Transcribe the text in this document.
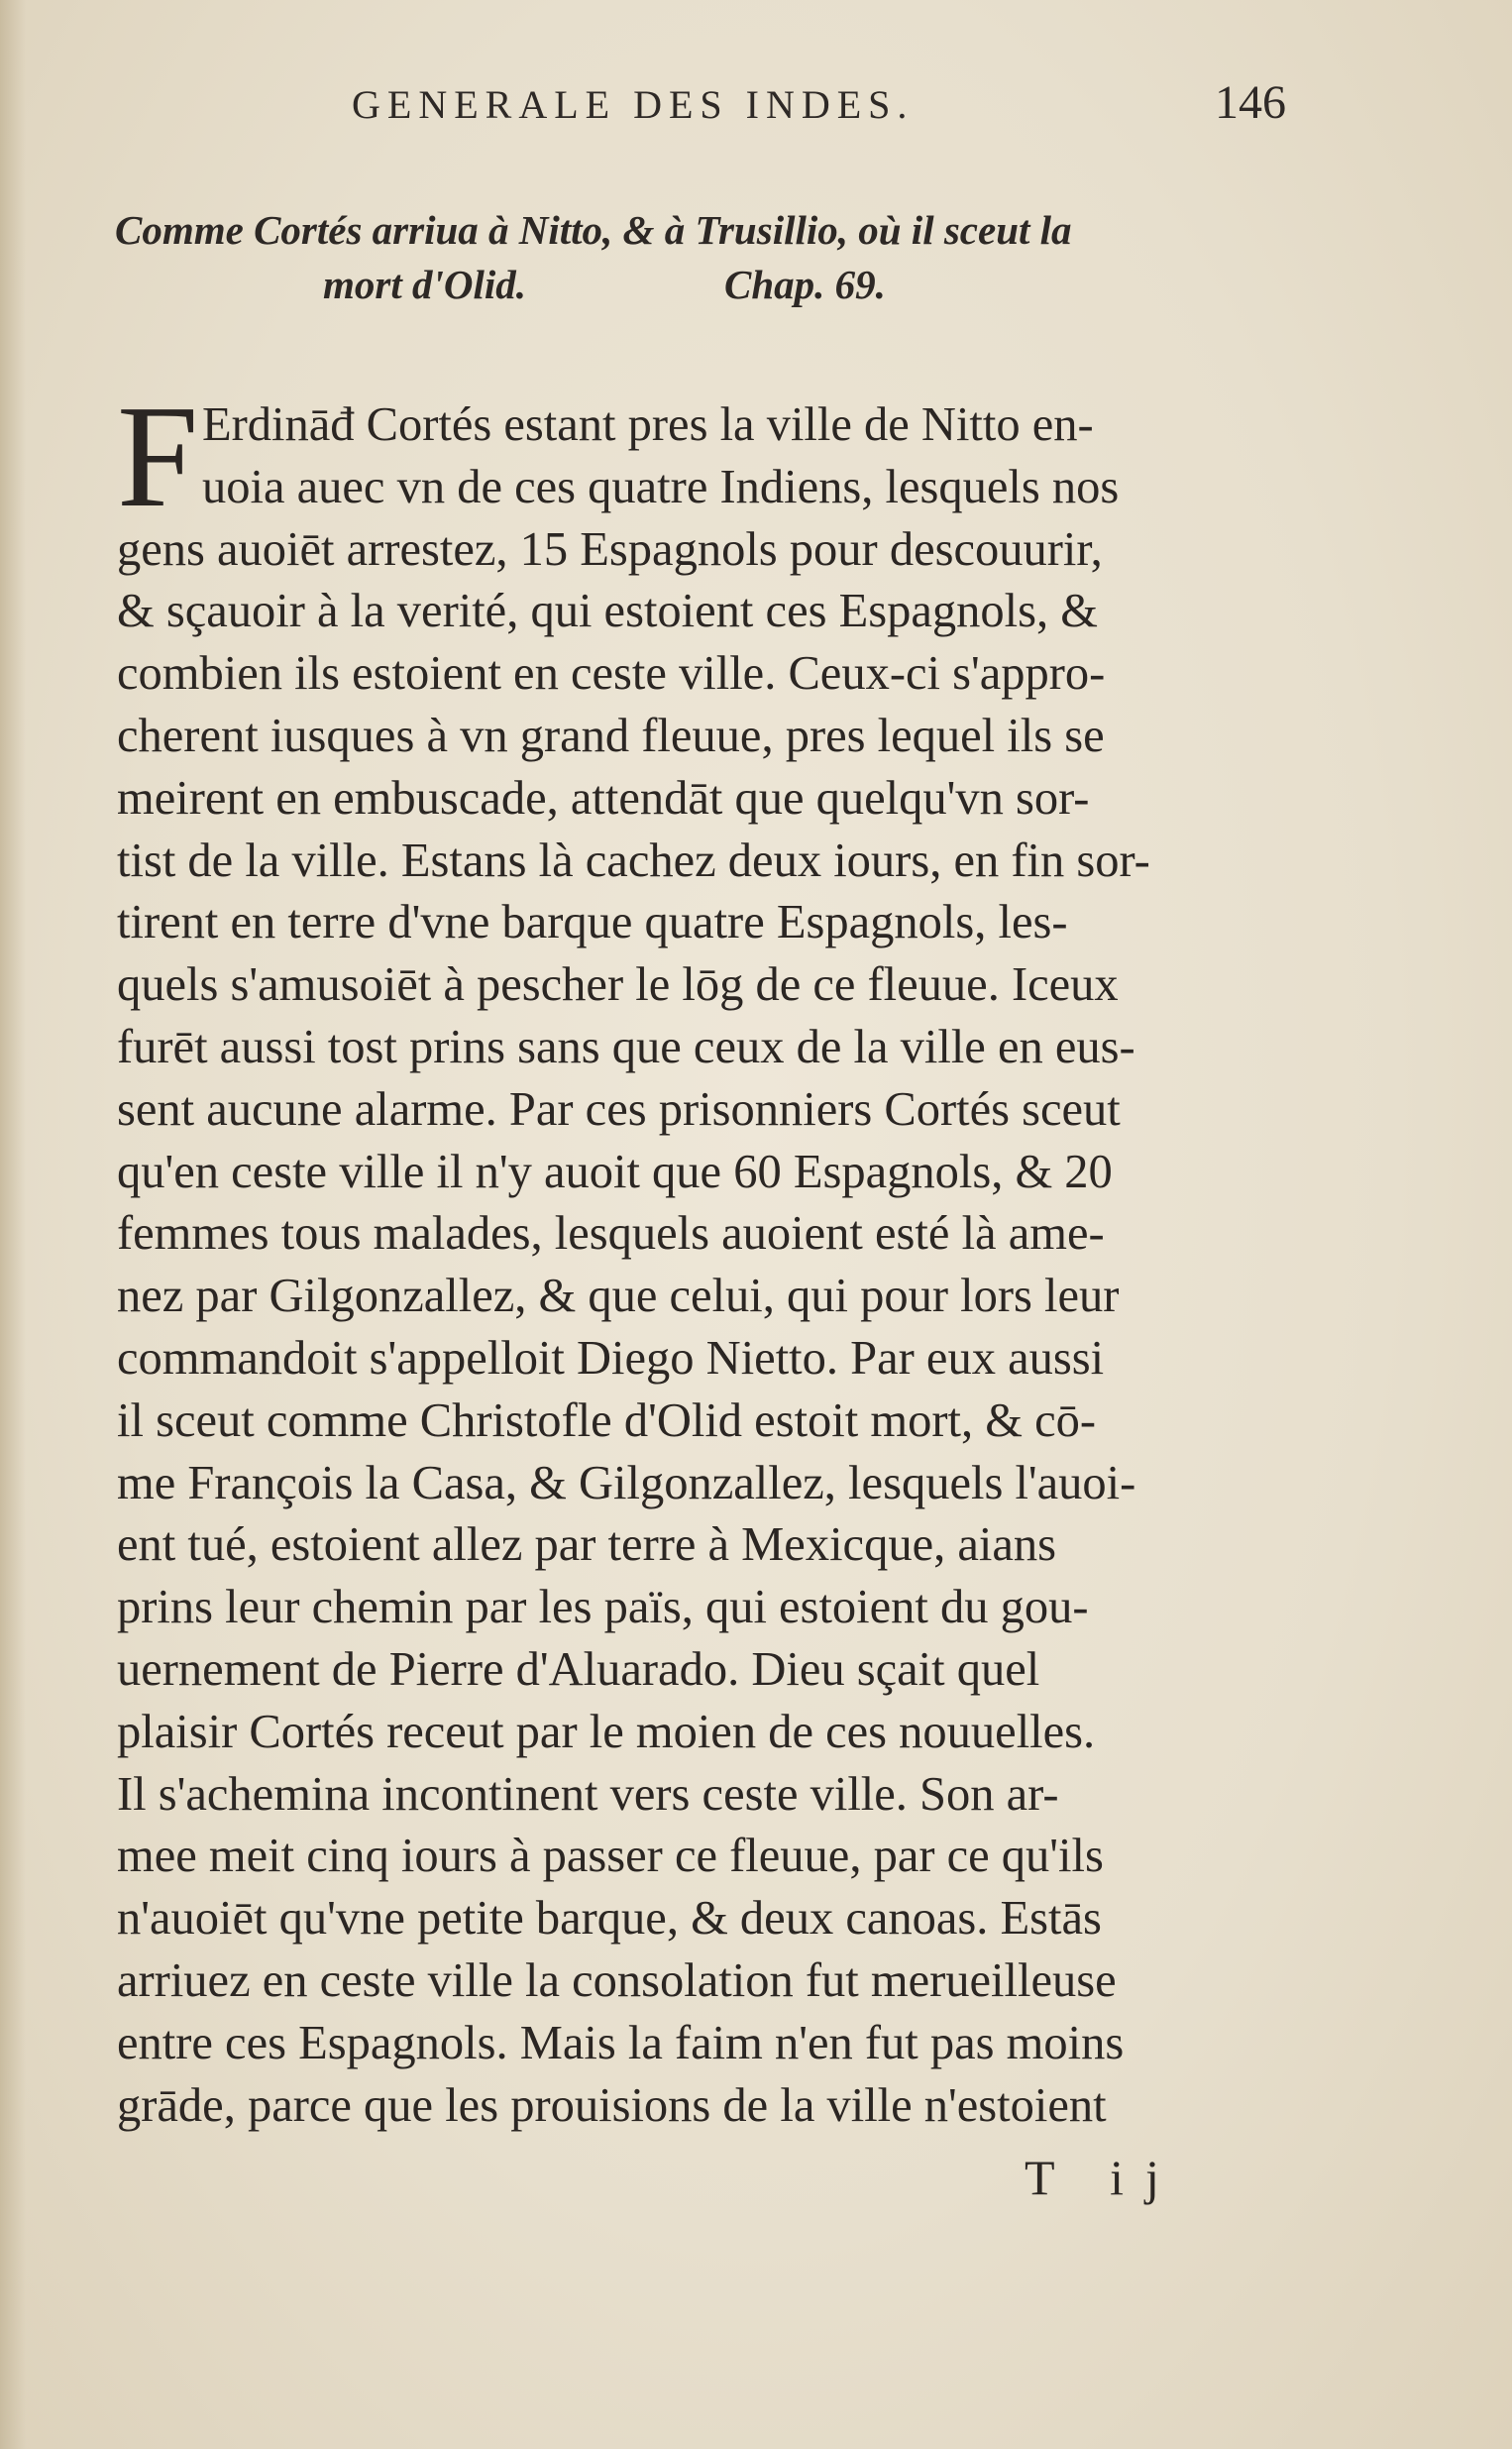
GENERALE DES INDES.	146
Comme Cortés arriua à Nitto, & à Trusillio, où il sceut la
mort d'Olid.	Chap. 69.
F Erdināđ Cortés estant pres la ville de Nitto en-
uoia auec vn de ces quatre Indiens, lesquels nos
gens auoiēt arrestez, 15 Espagnols pour descouurir,
& sçauoir à la verité, qui estoient ces Espagnols, &
combien ils estoient en ceste ville. Ceux-ci s'appro-
cherent iusques à vn grand fleuue, pres lequel ils se
meirent en embuscade, attendāt que quelqu'vn sor-
tist de la ville. Estans là cachez deux iours, en fin sor-
tirent en terre d'vne barque quatre Espagnols, les-
quels s'amusoiēt à pescher le lōg de ce fleuue. Iceux
furēt aussi tost prins sans que ceux de la ville en eus-
sent aucune alarme. Par ces prisonniers Cortés sceut
qu'en ceste ville il n'y auoit que 60 Espagnols, & 20
femmes tous malades, lesquels auoient esté là ame-
nez par Gilgonzallez, & que celui, qui pour lors leur
commandoit s'appelloit Diego Nietto. Par eux aussi
il sceut comme Christofle d'Olid estoit mort, & cō-
me François la Casa, & Gilgonzallez, lesquels l'auoi-
ent tué, estoient allez par terre à Mexicque, aians
prins leur chemin par les païs, qui estoient du gou-
uernement de Pierre d'Aluarado. Dieu sçait quel
plaisir Cortés receut par le moien de ces nouuelles.
Il s'achemina incontinent vers ceste ville. Son ar-
mee meit cinq iours à passer ce fleuue, par ce qu'ils
n'auoiēt qu'vne petite barque, & deux canoas. Estās
arriuez en ceste ville la consolation fut merueilleuse
entre ces Espagnols. Mais la faim n'en fut pas moins
grāde, parce que les prouisions de la ville n'estoient
T ij
